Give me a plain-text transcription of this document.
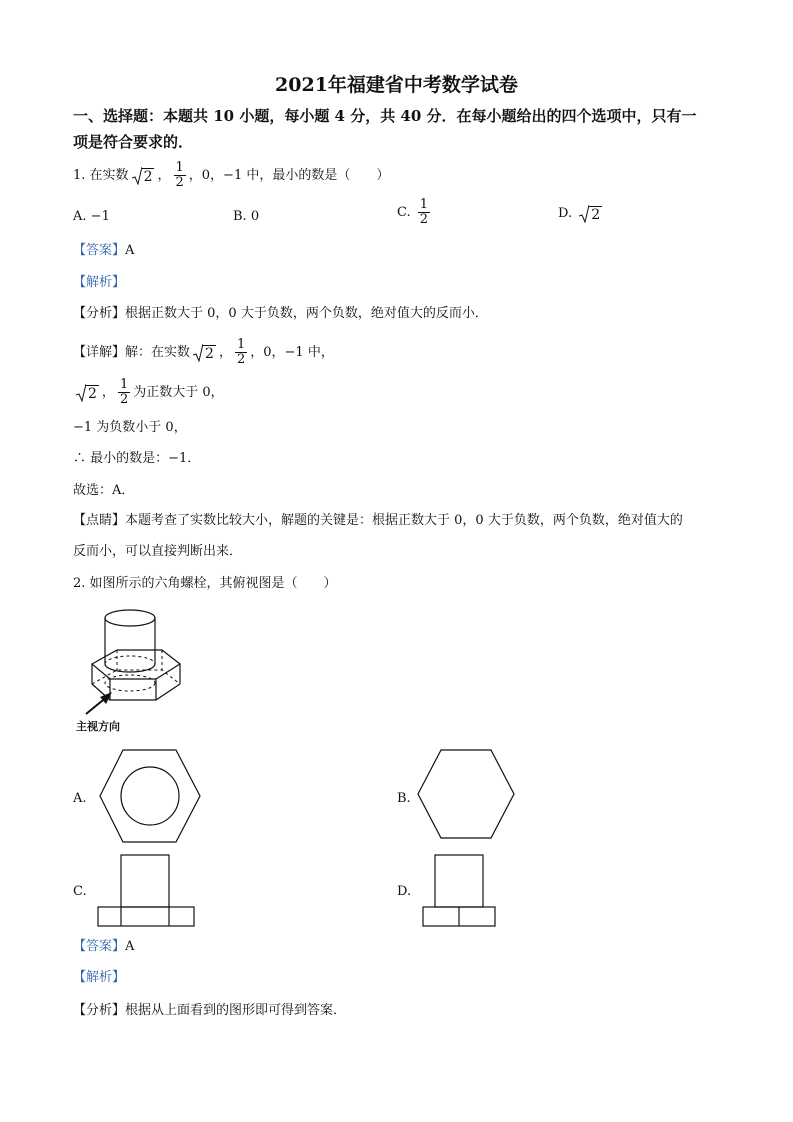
2021年福建省中考数学试卷
一、选择题：本题共 10 小题，每小题 4 分，共 40 分．在每小题给出的四个选项中，只有一
项是符合要求的．
1. 在实数 2 ， $\frac{1}{2}$ ，0，−1 中，最小的数是（　　）
A. −1	B. 0	C. $\frac{1}{2}$	D. 2
【答案】A
【解析】
【分析】根据正数大于 0，0 大于负数，两个负数，绝对值大的反而小．
【详解】解：在实数 2 ， $\frac{1}{2}$ ，0，−1 中，
2 ， $\frac{1}{2}$ 为正数大于 0，
−1 为负数小于 0，
∴ 最小的数是：−1．
故选：A．
【点睛】本题考查了实数比较大小，解题的关键是：根据正数大于 0，0 大于负数，两个负数，绝对值大的
反而小，可以直接判断出来．
2. 如图所示的六角螺栓，其俯视图是（　　）
主视方向
A.	B.
C.	D.
【答案】A
【解析】
【分析】根据从上面看到的图形即可得到答案．
